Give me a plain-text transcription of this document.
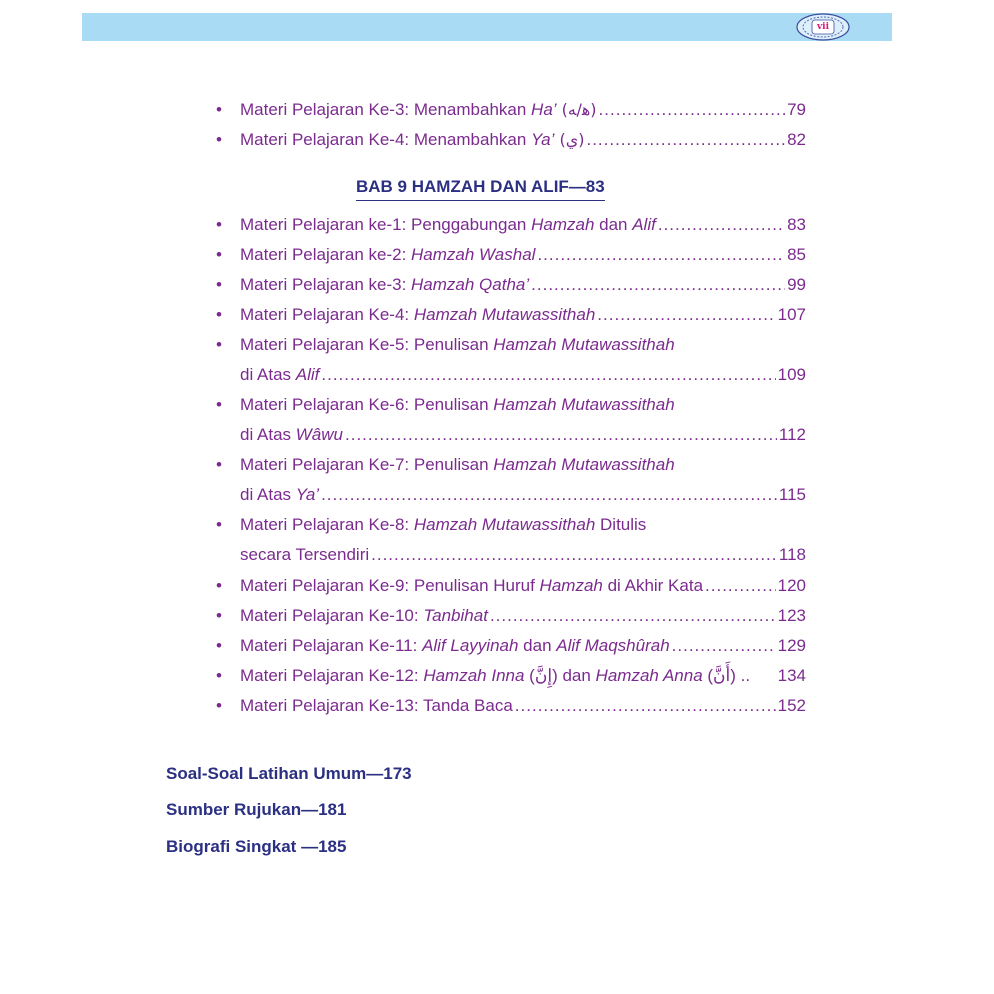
vii
• Materi Pelajaran Ke-3: Menambahkan Ha’ (ﻫ/ﻪ) .....	79
• Materi Pelajaran Ke-4: Menambahkan Ya’ (ي) .....	82
BAB 9 HAMZAH DAN ALIF—83
• Materi Pelajaran ke-1: Penggabungan Hamzah dan Alif .....	83
• Materi Pelajaran ke-2: Hamzah Washal .....	85
• Materi Pelajaran ke-3: Hamzah Qatha’ .....	99
• Materi Pelajaran Ke-4: Hamzah Mutawassithah .....	107
• Materi Pelajaran Ke-5: Penulisan Hamzah Mutawassithah
di Atas Alif .....	109
• Materi Pelajaran Ke-6: Penulisan Hamzah Mutawassithah
di Atas Wâwu .....	112
• Materi Pelajaran Ke-7: Penulisan Hamzah Mutawassithah
di Atas Ya’ .....	115
• Materi Pelajaran Ke-8: Hamzah Mutawassithah Ditulis
secara Tersendiri .....	118
• Materi Pelajaran Ke-9: Penulisan Huruf Hamzah di Akhir Kata .....	120
• Materi Pelajaran Ke-10: Tanbihat .....	123
• Materi Pelajaran Ke-11: Alif Layyinah dan Alif Maqshûrah .....	129
• Materi Pelajaran Ke-12: Hamzah Inna (إِنَّ) dan Hamzah Anna (أَنَّ) .. 134
• Materi Pelajaran Ke-13: Tanda Baca .....	152
Soal-Soal Latihan Umum—173
Sumber Rujukan—181
Biografi Singkat —185
